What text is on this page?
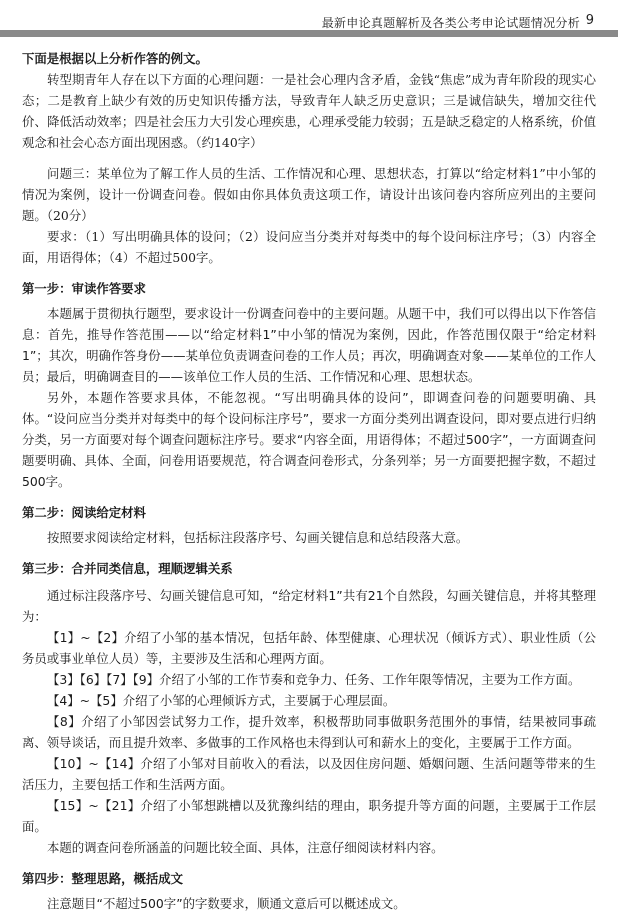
最新申论真题解析及各类公考申论试题情况分析 9

下面是根据以上分析作答的例文。

转型期青年人存在以下方面的心理问题：一是社会心理内含矛盾，金钱“焦虑”成为青年阶段的现实心态；二是教育上缺少有效的历史知识传播方法，导致青年人缺乏历史意识；三是诚信缺失，增加交往代价、降低活动效率；四是社会压力大引发心理疾患，心理承受能力较弱；五是缺乏稳定的人格系统，价值观念和社会心态方面出现困惑。（约140字）

问题三：某单位为了解工作人员的生活、工作情况和心理、思想状态，打算以“给定材料1”中小邹的情况为案例，设计一份调查问卷。假如由你具体负责这项工作，请设计出该问卷内容所应列出的主要问题。（20分）

要求：（1）写出明确具体的设问；（2）设问应当分类并对每类中的每个设问标注序号；（3）内容全面，用语得体；（4）不超过500字。

第一步：审读作答要求

本题属于贯彻执行题型，要求设计一份调查问卷中的主要问题。从题干中，我们可以得出以下作答信息：首先，推导作答范围——以“给定材料1”中小邹的情况为案例，因此，作答范围仅限于“给定材料1”；其次，明确作答身份——某单位负责调查问卷的工作人员；再次，明确调查对象——某单位的工作人员；最后，明确调查目的——该单位工作人员的生活、工作情况和心理、思想状态。

另外，本题作答要求具体，不能忽视。“写出明确具体的设问”，即调查问卷的问题要明确、具体。“设问应当分类并对每类中的每个设问标注序号”，要求一方面分类列出调查设问，即对要点进行归纳分类，另一方面要对每个调查问题标注序号。要求“内容全面，用语得体；不超过500字”，一方面调查问题要明确、具体、全面，问卷用语要规范，符合调查问卷形式，分条列举；另一方面要把握字数，不超过500字。

第二步：阅读给定材料

按照要求阅读给定材料，包括标注段落序号、勾画关键信息和总结段落大意。

第三步：合并同类信息，理顺逻辑关系

通过标注段落序号、勾画关键信息可知，“给定材料1”共有21个自然段，勾画关键信息，并将其整理为：

【1】~【2】介绍了小邹的基本情况，包括年龄、体型健康、心理状况（倾诉方式）、职业性质（公务员或事业单位人员）等，主要涉及生活和心理两方面。

【3】【6】【7】【9】介绍了小邹的工作节奏和竞争力、任务、工作年限等情况，主要为工作方面。

【4】~【5】介绍了小邹的心理倾诉方式，主要属于心理层面。

【8】介绍了小邹因尝试努力工作，提升效率，积极帮助同事做职务范围外的事情，结果被同事疏离、领导谈话，而且提升效率、多做事的工作风格也未得到认可和薪水上的变化，主要属于工作方面。

【10】~【14】介绍了小邹对目前收入的看法，以及因住房问题、婚姻问题、生活问题等带来的生活压力，主要包括工作和生活两方面。

【15】~【21】介绍了小邹想跳槽以及犹豫纠结的理由，职务提升等方面的问题，主要属于工作层面。

本题的调查问卷所涵盖的问题比较全面、具体，注意仔细阅读材料内容。

第四步：整理思路，概括成文

注意题目“不超过500字”的字数要求，顺通文意后可以概述成文。
